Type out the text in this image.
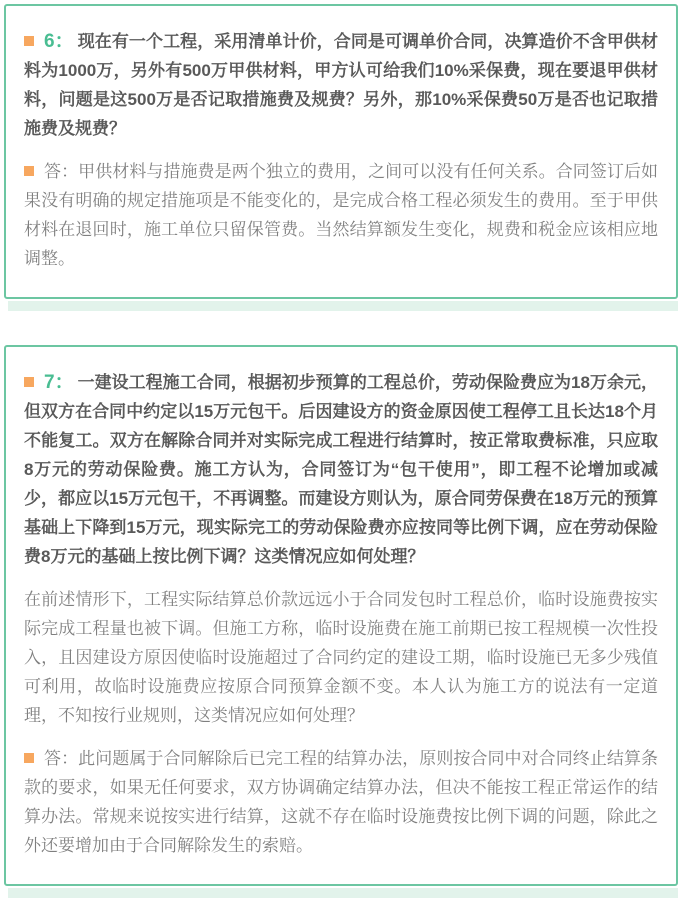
6： 现在有一个工程，采用清单计价，合同是可调单价合同，决算造价不含甲供材料为1000万，另外有500万甲供材料，甲方认可给我们10%采保费，现在要退甲供材料，问题是这500万是否记取措施费及规费？另外，那10%采保费50万是否也记取措施费及规费？

答：甲供材料与措施费是两个独立的费用，之间可以没有任何关系。合同签订后如果没有明确的规定措施项是不能变化的，是完成合格工程必须发生的费用。至于甲供材料在退回时，施工单位只留保管费。当然结算额发生变化，规费和税金应该相应地调整。

7： 一建设工程施工合同，根据初步预算的工程总价，劳动保险费应为18万余元，但双方在合同中约定以15万元包干。后因建设方的资金原因使工程停工且长达18个月不能复工。双方在解除合同并对实际完成工程进行结算时，按正常取费标准，只应取8万元的劳动保险费。施工方认为，合同签订为“包干使用”，即工程不论增加或减少，都应以15万元包干，不再调整。而建设方则认为，原合同劳保费在18万元的预算基础上下降到15万元，现实际完工的劳动保险费亦应按同等比例下调，应在劳动保险费8万元的基础上按比例下调？这类情况应如何处理？

在前述情形下，工程实际结算总价款远远小于合同发包时工程总价，临时设施费按实际完成工程量也被下调。但施工方称，临时设施费在施工前期已按工程规模一次性投入，且因建设方原因使临时设施超过了合同约定的建设工期，临时设施已无多少残值可利用，故临时设施费应按原合同预算金额不变。本人认为施工方的说法有一定道理，不知按行业规则，这类情况应如何处理？

答：此问题属于合同解除后已完工程的结算办法，原则按合同中对合同终止结算条款的要求，如果无任何要求，双方协调确定结算办法，但决不能按工程正常运作的结算办法。常规来说按实进行结算，这就不存在临时设施费按比例下调的问题，除此之外还要增加由于合同解除发生的索赔。
